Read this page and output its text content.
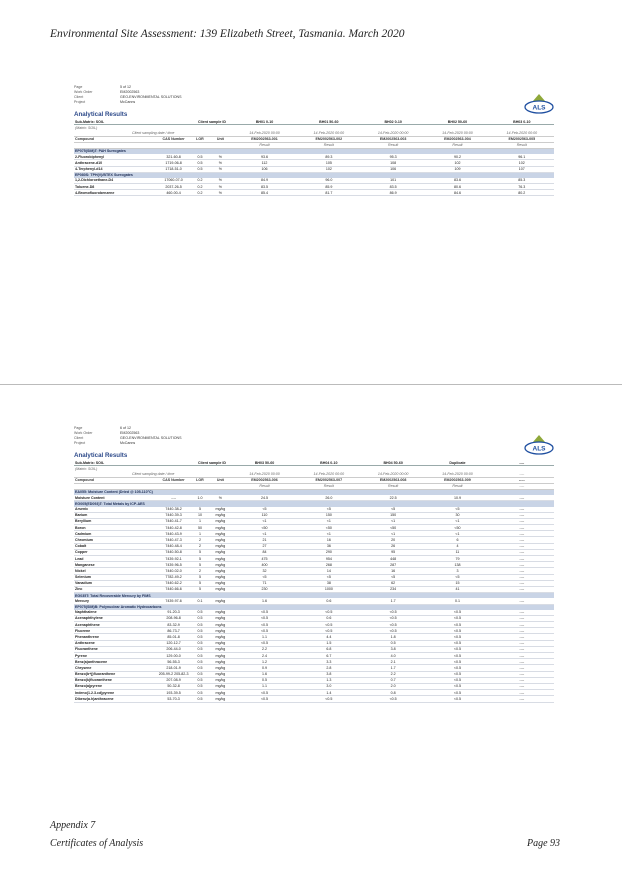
Environmental Site Assessment: 139 Elizabeth Street, Tasmania. March 2020
Page	5 of 12
Work Order	EM2002563
Client	GEO-ENVIRONMENTAL SOLUTIONS
Project	McCanns
ALS
Analytical Results
Sub-Matrix: SOIL		Client sample ID		BH01 0-10	BH01 50-60	BH02 0-10	BH02 50-60	BH03 0-10
(Matrix: SOIL)								
Client sampling date / time				14-Feb-2020 00:00	14-Feb-2020 00:00	14-Feb-2020 00:00	14-Feb-2020 00:00	14-Feb-2020 00:00
Compound	CAS Number	LOR	Unit	EM2002563-001	EM2002563-002	EM2002563-003	EM2002563-004	EM2002563-005
				Result	Result	Result	Result	Result
EP075(SIM)T: PAH Surrogates								
2-Fluorobiphenyl	321-60-8	0.5	%	93.6	89.3	95.3	90.2	96.1
Anthracene-d10	1719-06-8	0.5	%	112	105	108	102	102
4-Terphenyl-d14	1718-51-0	0.5	%	106	102	106	109	107
EP080S: TPH(V)/BTEX Surrogates								
1,2-Dichloroethane-D4	17060-07-0	0.2	%	84.9	96.0	101	83.6	85.3
Toluene-D8	2037-26-5	0.2	%	83.5	85.9	83.5	80.6	76.3
4-Bromofluorobenzene	460-00-4	0.2	%	85.4	81.7	86.9	84.6	80.2
Page	6 of 12
Work Order	EM2002563
Client	GEO-ENVIRONMENTAL SOLUTIONS
Project	McCanns
ALS
Analytical Results
Sub-Matrix: SOIL		Client sample ID		BH03 50-60	BH04 0-10	BH04 50-60	Duplicate	----
(Matrix: SOIL)								
Client sampling date / time				14-Feb-2020 00:00	14-Feb-2020 00:00	14-Feb-2020 00:00	14-Feb-2020 00:00	----
Compound	CAS Number	LOR	Unit	EM2002563-006	EM2002563-007	EM2002563-008	EM2002563-009	-----
				Result	Result	Result	Result	----
EA055: Moisture Content (Dried @ 105-110°C)								
Moisture Content	----	1.0	%	24.5	26.0	22.5	10.9	----
EG005(ED093)T: Total Metals by ICP-AES								
Arsenic	7440-38-2	5	mg/kg	<5	<5	<5	<5	----
Barium	7440-39-3	10	mg/kg	110	150	150	30	----
Beryllium	7440-41-7	1	mg/kg	<1	<1	<1	<1	----
Boron	7440-42-8	50	mg/kg	<50	<50	<50	<50	----
Cadmium	7440-43-9	1	mg/kg	<1	<1	<1	<1	----
Chromium	7440-47-3	2	mg/kg	21	16	20	6	----
Cobalt	7440-48-4	2	mg/kg	27	36	26	4	----
Copper	7440-50-8	5	mg/kg	84	290	95	11	----
Lead	7439-92-1	5	mg/kg	475	954	448	79	----
Manganese	7439-96-5	5	mg/kg	400	268	287	138	----
Nickel	7440-02-0	2	mg/kg	32	14	16	3	----
Selenium	7782-49-2	5	mg/kg	<5	<5	<5	<5	----
Vanadium	7440-62-2	5	mg/kg	71	38	62	15	----
Zinc	7440-66-6	5	mg/kg	230	1000	234	41	----
EG035T: Total Recoverable Mercury by FIMS								
Mercury	7439-97-6	0.1	mg/kg	1.6	0.6	1.7	0.1	----
EP075(SIM)B: Polynuclear Aromatic Hydrocarbons								
Naphthalene	91-20-3	0.5	mg/kg	<0.5	<0.5	<0.5	<0.5	----
Acenaphthylene	208-96-8	0.5	mg/kg	<0.5	0.6	<0.5	<0.5	----
Acenaphthene	83-32-9	0.5	mg/kg	<0.5	<0.5	<0.5	<0.5	----
Fluorene	86-73-7	0.5	mg/kg	<0.5	<0.5	<0.5	<0.5	----
Phenanthrene	85-01-8	0.5	mg/kg	1.1	4.4	1.8	<0.5	----
Anthracene	120-12-7	0.5	mg/kg	<0.5	1.5	0.5	<0.5	----
Fluoranthene	206-44-0	0.5	mg/kg	2.2	6.8	3.8	<0.5	----
Pyrene	129-00-0	0.5	mg/kg	2.4	6.7	4.0	<0.5	----
Benz(a)anthracene	56-55-3	0.5	mg/kg	1.2	3.3	2.1	<0.5	----
Chrysene	218-01-9	0.5	mg/kg	0.9	2.8	1.7	<0.5	----
Benzo(b+j)fluoranthene	205-99-2 205-82-3	0.5	mg/kg	1.6	3.8	2.2	<0.5	----
Benzo(k)fluoranthene	207-08-9	0.5	mg/kg	0.5	1.3	0.7	<0.5	----
Benzo(a)pyrene	50-32-8	0.5	mg/kg	1.1	3.0	2.0	<0.5	----
Indeno(1.2.3.cd)pyrene	193-39-5	0.5	mg/kg	<0.5	1.4	0.8	<0.5	----
Dibenz(a.h)anthracene	53-70-3	0.5	mg/kg	<0.5	<0.5	<0.5	<0.5	----
Appendix 7
Certificates of Analysis	Page 93
